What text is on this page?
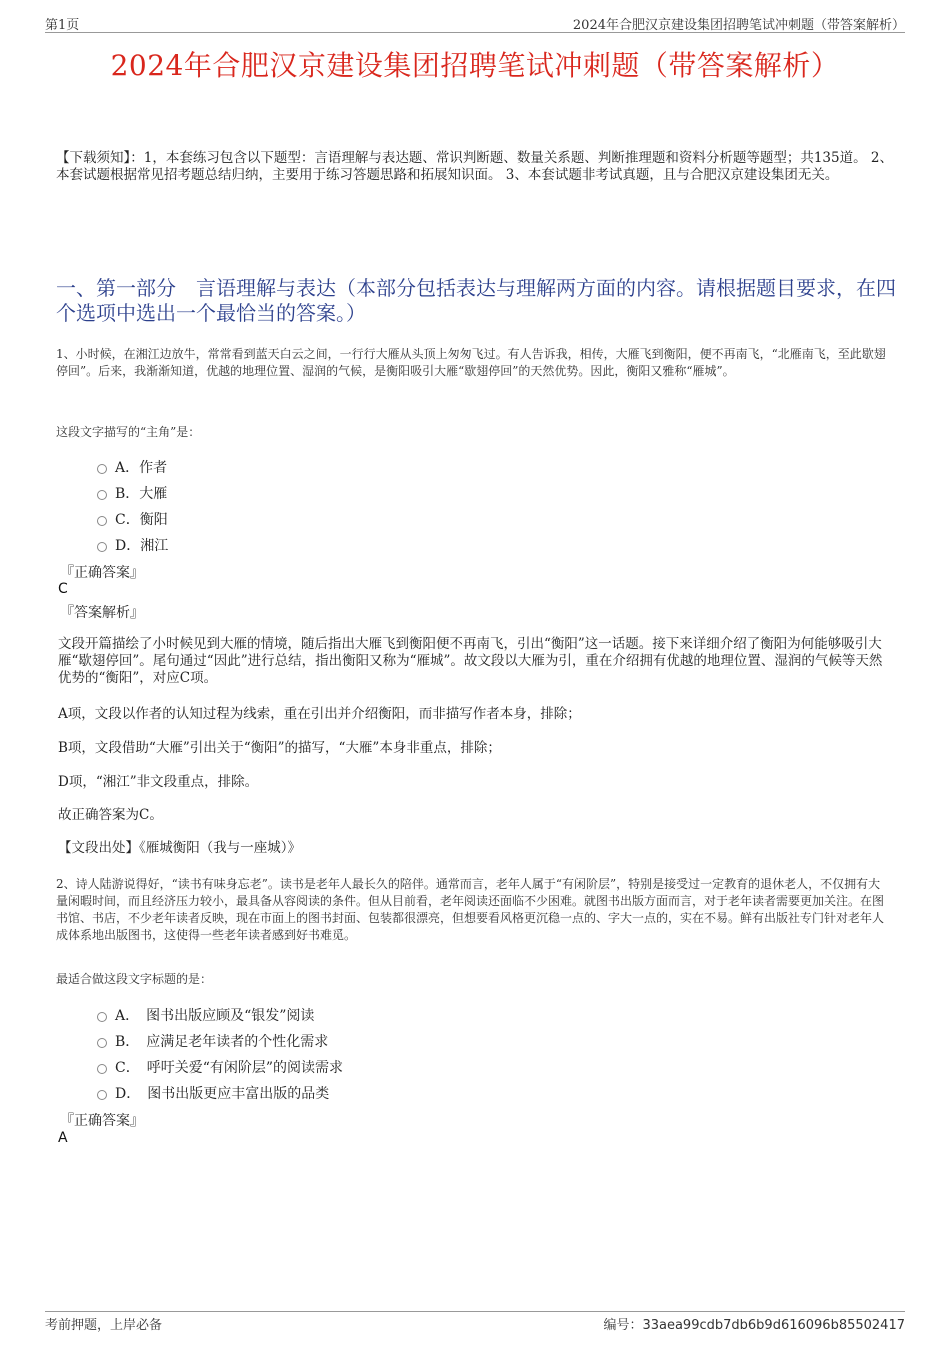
第1页	2024年合肥汉京建设集团招聘笔试冲刺题（带答案解析）
2024年合肥汉京建设集团招聘笔试冲刺题（带答案解析）
【下载须知】：1，本套练习包含以下题型：言语理解与表达题、常识判断题、数量关系题、判断推理题和资料分析题等题型；共135道。 2、本套试题根据常见招考题总结归纳，主要用于练习答题思路和拓展知识面。 3、本套试题非考试真题，且与合肥汉京建设集团无关。
一、第一部分　言语理解与表达（本部分包括表达与理解两方面的内容。请根据题目要求，在四个选项中选出一个最恰当的答案。）
1、小时候，在湘江边放牛，常常看到蓝天白云之间，一行行大雁从头顶上匆匆飞过。有人告诉我，相传，大雁飞到衡阳，便不再南飞，“北雁南飞，至此歇翅停回”。后来，我渐渐知道，优越的地理位置、湿润的气候，是衡阳吸引大雁“歇翅停回”的天然优势。因此，衡阳又雅称“雁城”。
这段文字描写的“主角”是：
A．作者
B．大雁
C．衡阳
D．湘江
『正确答案』
C
『答案解析』
文段开篇描绘了小时候见到大雁的情境，随后指出大雁飞到衡阳便不再南飞，引出“衡阳”这一话题。接下来详细介绍了衡阳为何能够吸引大雁“歇翅停回”。尾句通过“因此”进行总结，指出衡阳又称为“雁城”。故文段以大雁为引，重在介绍拥有优越的地理位置、湿润的气候等天然优势的“衡阳”，对应C项。
A项，文段以作者的认知过程为线索，重在引出并介绍衡阳，而非描写作者本身，排除；
B项，文段借助“大雁”引出关于“衡阳”的描写，“大雁”本身非重点，排除；
D项，“湘江”非文段重点，排除。
故正确答案为C。
【文段出处】《雁城衡阳（我与一座城）》
2、诗人陆游说得好，“读书有味身忘老”。读书是老年人最长久的陪伴。通常而言，老年人属于“有闲阶层”，特别是接受过一定教育的退休老人，不仅拥有大量闲暇时间，而且经济压力较小，最具备从容阅读的条件。但从目前看，老年阅读还面临不少困难。就图书出版方面而言，对于老年读者需要更加关注。在图书馆、书店，不少老年读者反映，现在市面上的图书封面、包装都很漂亮，但想要看风格更沉稳一点的、字大一点的，实在不易。鲜有出版社专门针对老年人成体系地出版图书，这使得一些老年读者感到好书难觅。
最适合做这段文字标题的是：
A．　图书出版应顾及“银发”阅读
B．　应满足老年读者的个性化需求
C．　呼吁关爱“有闲阶层”的阅读需求
D．　图书出版更应丰富出版的品类
『正确答案』
A
考前押题，上岸必备	编号：33aea99cdb7db6b9d616096b85502417
